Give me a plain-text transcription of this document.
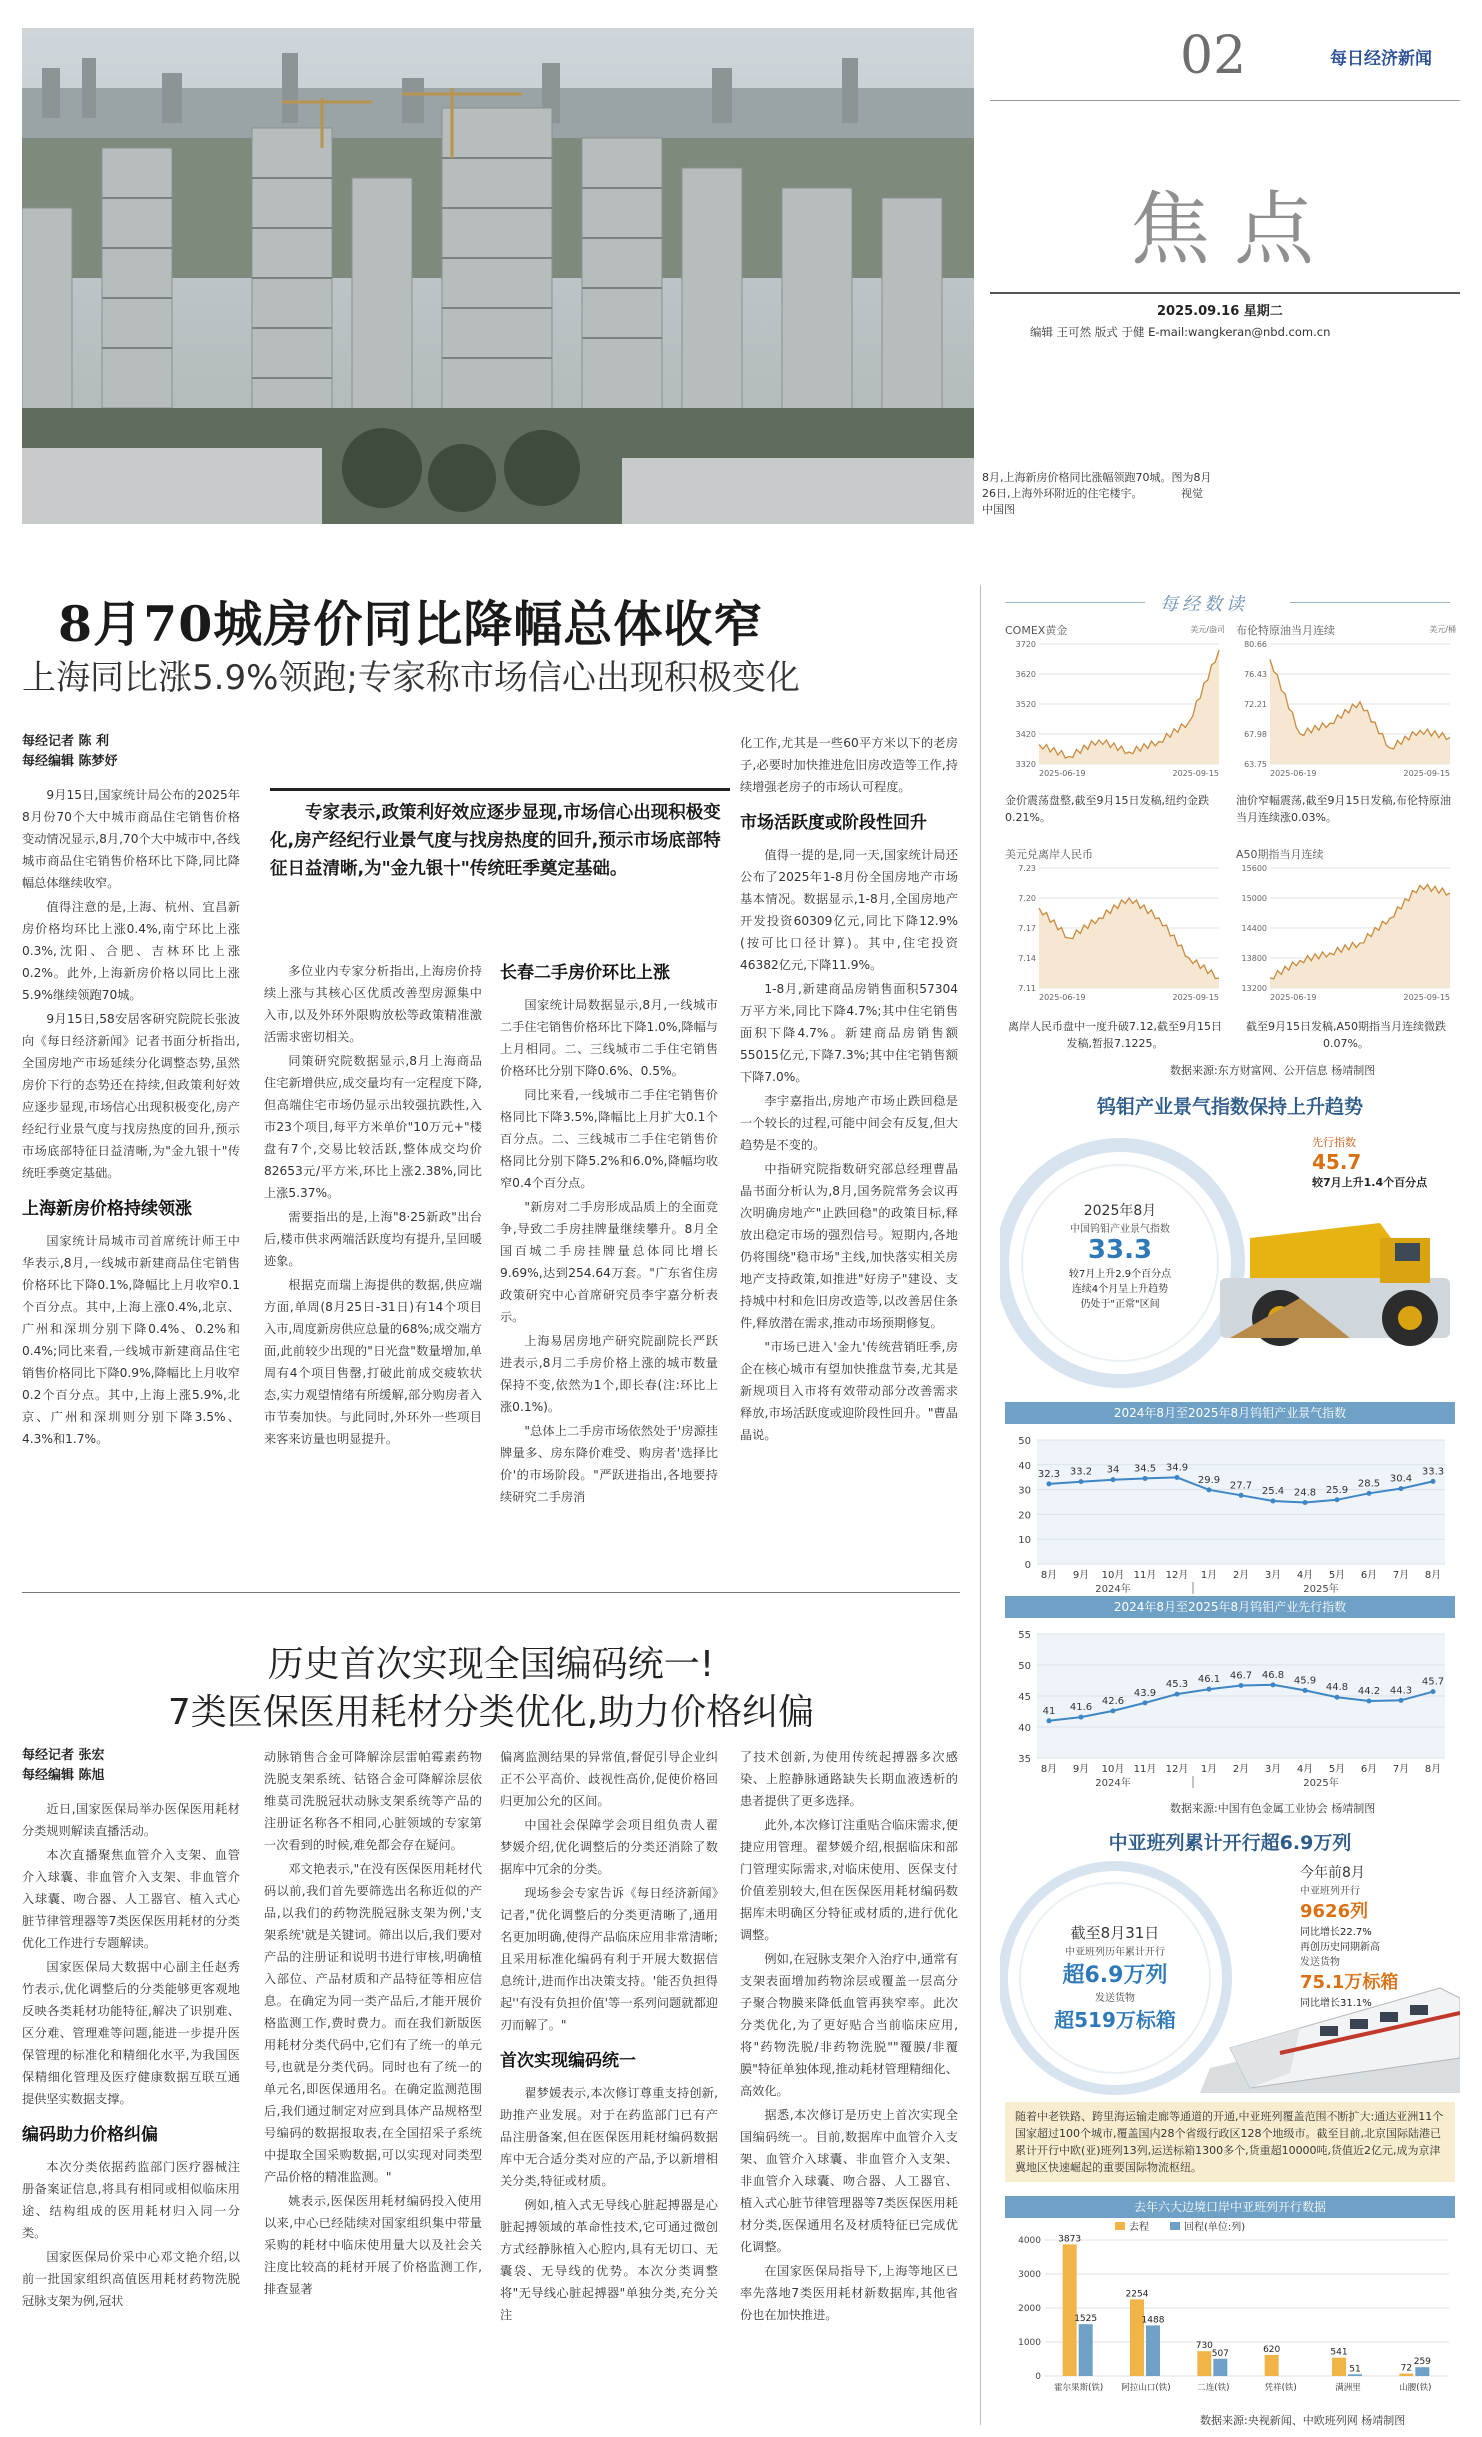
02	每日经济新闻
焦点
2025.09.16 星期二
编辑 王可然 版式 于健 E-mail:wangkeran@nbd.com.cn
8月,上海新房价格同比涨幅领跑70城。图为8月26日,上海外环附近的住宅楼宇。　　　　视觉中国图
8月70城房价同比降幅总体收窄
上海同比涨5.9%领跑;专家称市场信心出现积极变化
每经记者 陈 利
每经编辑 陈梦妤

9月15日,国家统计局公布的2025年8月份70个大中城市商品住宅销售价格变动情况显示,8月,70个大中城市中,各线城市商品住宅销售价格环比下降,同比降幅总体继续收窄。

值得注意的是,上海、杭州、宜昌新房价格均环比上涨0.4%,南宁环比上涨0.3%,沈阳、合肥、吉林环比上涨0.2%。此外,上海新房价格以同比上涨5.9%继续领跑70城。

9月15日,58安居客研究院院长张波向《每日经济新闻》记者书面分析指出,全国房地产市场延续分化调整态势,虽然房价下行的态势还在持续,但政策利好效应逐步显现,市场信心出现积极变化,房产经纪行业景气度与找房热度的回升,预示市场底部特征日益清晰,为"金九银十"传统旺季奠定基础。

上海新房价格持续领涨

国家统计局城市司首席统计师王中华表示,8月,一线城市新建商品住宅销售价格环比下降0.1%,降幅比上月收窄0.1个百分点。其中,上海上涨0.4%,北京、广州和深圳分别下降0.4%、0.2%和0.4%;同比来看,一线城市新建商品住宅销售价格同比下降0.9%,降幅比上月收窄0.2个百分点。其中,上海上涨5.9%,北京、广州和深圳则分别下降3.5%、4.3%和1.7%。

专家表示,政策利好效应逐步显现,市场信心出现积极变化,房产经纪行业景气度与找房热度的回升,预示市场底部特征日益清晰,为"金九银十"传统旺季奠定基础。

多位业内专家分析指出,上海房价持续上涨与其核心区优质改善型房源集中入市,以及外环外限购放松等政策精准激活需求密切相关。

同策研究院数据显示,8月上海商品住宅新增供应,成交量均有一定程度下降,但高端住宅市场仍显示出较强抗跌性,入市23个项目,每平方米单价"10万元+"楼盘有7个,交易比较活跃,整体成交均价82653元/平方米,环比上涨2.38%,同比上涨5.37%。

需要指出的是,上海"8·25新政"出台后,楼市供求两端活跃度均有提升,呈回暖迹象。

根据克而瑞上海提供的数据,供应端方面,单周(8月25日-31日)有14个项目入市,周度新房供应总量的68%;成交端方面,此前较少出现的"日光盘"数量增加,单周有4个项目售罄,打破此前成交疲软状态,实力观望情绪有所缓解,部分购房者入市节奏加快。与此同时,外环外一些项目来客来访量也明显提升。

长春二手房价环比上涨

国家统计局数据显示,8月,一线城市二手住宅销售价格环比下降1.0%,降幅与上月相同。二、三线城市二手住宅销售价格环比分别下降0.6%、0.5%。

同比来看,一线城市二手住宅销售价格同比下降3.5%,降幅比上月扩大0.1个百分点。二、三线城市二手住宅销售价格同比分别下降5.2%和6.0%,降幅均收窄0.4个百分点。

"新房对二手房形成品质上的全面竞争,导致二手房挂牌量继续攀升。8月全国百城二手房挂牌量总体同比增长9.69%,达到254.64万套。"广东省住房政策研究中心首席研究员李宇嘉分析表示。

上海易居房地产研究院副院长严跃进表示,8月二手房价格上涨的城市数量保持不变,依然为1个,即长春(注:环比上涨0.1%)。

"总体上二手房市场依然处于'房源挂牌量多、房东降价难受、购房者'选择比价'的市场阶段。"严跃进指出,各地要持续研究二手房消

化工作,尤其是一些60平方米以下的老房子,必要时加快推进危旧房改造等工作,持续增强老房子的市场认可程度。

市场活跃度或阶段性回升

值得一提的是,同一天,国家统计局还公布了2025年1-8月份全国房地产市场基本情况。数据显示,1-8月,全国房地产开发投资60309亿元,同比下降12.9%(按可比口径计算)。其中,住宅投资46382亿元,下降11.9%。

1-8月,新建商品房销售面积57304万平方米,同比下降4.7%;其中住宅销售面积下降4.7%。新建商品房销售额55015亿元,下降7.3%;其中住宅销售额下降7.0%。

李宇嘉指出,房地产市场止跌回稳是一个较长的过程,可能中间会有反复,但大趋势是不变的。

中指研究院指数研究部总经理曹晶晶书面分析认为,8月,国务院常务会议再次明确房地产"止跌回稳"的政策目标,释放出稳定市场的强烈信号。短期内,各地仍将围绕"稳市场"主线,加快落实相关房地产支持政策,如推进"好房子"建设、支持城中村和危旧房改造等,以改善居住条件,释放潜在需求,推动市场预期修复。

"市场已进入'金九'传统营销旺季,房企在核心城市有望加快推盘节奏,尤其是新规项目入市将有效带动部分改善需求释放,市场活跃度或迎阶段性回升。"曹晶晶说。

历史首次实现全国编码统一!
7类医保医用耗材分类优化,助力价格纠偏
每经记者 张宏
每经编辑 陈旭

近日,国家医保局举办医保医用耗材分类规则解读直播活动。

本次直播聚焦血管介入支架、血管介入球囊、非血管介入支架、非血管介入球囊、吻合器、人工器官、植入式心脏节律管理器等7类医保医用耗材的分类优化工作进行专题解读。

国家医保局大数据中心副主任赵秀竹表示,优化调整后的分类能够更客观地反映各类耗材功能特征,解决了识别难、区分难、管理难等问题,能进一步提升医保管理的标准化和精细化水平,为我国医保精细化管理及医疗健康数据互联互通提供坚实数据支撑。

编码助力价格纠偏

本次分类依据药监部门医疗器械注册备案证信息,将具有相同或相似临床用途、结构组成的医用耗材归入同一分类。

国家医保局价采中心邓文艳介绍,以前一批国家组织高值医用耗材药物洗脱冠脉支架为例,冠状

动脉销售合金可降解涂层雷帕霉素药物洗脱支架系统、钴铬合金可降解涂层依维莫司洗脱冠状动脉支架系统等产品的注册证名称各不相同,心脏领域的专家第一次看到的时候,难免都会存在疑问。

邓文艳表示,"在没有医保医用耗材代码以前,我们首先要筛选出名称近似的产品,以我们的药物洗脱冠脉支架为例,'支架系统'就是关键词。筛出以后,我们要对产品的注册证和说明书进行审核,明确植入部位、产品材质和产品特征等相应信息。在确定为同一类产品后,才能开展价格监测工作,费时费力。而在我们新版医用耗材分类代码中,它们有了统一的单元号,也就是分类代码。同时也有了统一的单元名,即医保通用名。在确定监测范围后,我们通过制定对应到具体产品规格型号编码的数据报取表,在全国招采子系统中提取全国采购数据,可以实现对同类型产品价格的精准监测。"

姚表示,医保医用耗材编码投入使用以来,中心已经陆续对国家组织集中带量采购的耗材中临床使用量大以及社会关注度比较高的耗材开展了价格监测工作,排查显著

偏离监测结果的异常值,督促引导企业纠正不公平高价、歧视性高价,促使价格回归更加公允的区间。

中国社会保障学会项目组负责人翟梦媛介绍,优化调整后的分类还消除了数据库中冗余的分类。

现场参会专家告诉《每日经济新闻》记者,"优化调整后的分类更清晰了,通用名更加明确,使得产品临床应用非常清晰;且采用标准化编码有利于开展大数据信息统计,进而作出决策支持。'能否负担得起''有没有负担价值'等一系列问题就都迎刃而解了。"

首次实现编码统一

翟梦媛表示,本次修订尊重支持创新,助推产业发展。对于在药监部门已有产品注册备案,但在医保医用耗材编码数据库中无合适分类对应的产品,予以新增相关分类,特征或材质。

例如,植入式无导线心脏起搏器是心脏起搏领域的革命性技术,它可通过微创方式经静脉植入心腔内,具有无切口、无囊袋、无导线的优势。本次分类调整将"无导线心脏起搏器"单独分类,充分关注

了技术创新,为使用传统起搏器多次感染、上腔静脉通路缺失长期血液透析的患者提供了更多选择。

此外,本次修订注重贴合临床需求,便捷应用管理。翟梦媛介绍,根据临床和部门管理实际需求,对临床使用、医保支付价值差别较大,但在医保医用耗材编码数据库未明确区分特征或材质的,进行优化调整。

例如,在冠脉支架介入治疗中,通常有支架表面增加药物涂层或覆盖一层高分子聚合物膜来降低血管再狭窄率。此次分类优化,为了更好贴合当前临床应用,将"药物洗脱/非药物洗脱""覆膜/非覆膜"特征单独体现,推动耗材管理精细化、高效化。

据悉,本次修订是历史上首次实现全国编码统一。目前,数据库中血管介入支架、血管介入球囊、非血管介入支架、非血管介入球囊、吻合器、人工器官、植入式心脏节律管理器等7类医保医用耗材分类,医保通用名及材质特征已完成优化调整。

在国家医保局指导下,上海等地区已率先落地7类医用耗材新数据库,其他省份也在加快推进。

每经数读
COMEX黄金	美元/盎司
3720
3620
3520
3420
3320
2025-06-19	2025-09-15
金价震荡盘整,截至9月15日发稿,纽约金跌0.21%。
布伦特原油当月连续	美元/桶
80.66
76.43
72.21
67.98
63.75
2025-06-19	2025-09-15
油价窄幅震荡,截至9月15日发稿,布伦特原油当月连续涨0.03%。
美元兑离岸人民币
7.23
7.20
7.17
7.14
7.11
2025-06-19	2025-09-15
离岸人民币盘中一度升破7.12,截至9月15日发稿,暂报7.1225。
A50期指当月连续
15600
15000
14400
13800
13200
2025-06-19	2025-09-15
截至9月15日发稿,A50期指当月连续微跌0.07%。
数据来源:东方财富网、公开信息 杨靖制图
钨钼产业景气指数保持上升趋势
先行指数
45.7
较7月上升1.4个百分点
2025年8月
中国钨钼产业景气指数
33.3
较7月上升2.9个百分点
连续4个月呈上升趋势
仍处于"正常"区间
2024年8月至2025年8月钨钼产业景气指数
0
10
20
30
40
50
32.3
8月
33.2
9月
34
10月
34.5
11月
34.9
12月
29.9
1月
27.7
2月
25.4
3月
24.8
4月
25.9
5月
28.5
6月
30.4
7月
33.3
8月
2024年	2025年
2024年8月至2025年8月钨钼产业先行指数
35
40
45
50
55
41
8月
41.6
9月
42.6
10月
43.9
11月
45.3
12月
46.1
1月
46.7
2月
46.8
3月
45.9
4月
44.8
5月
44.2
6月
44.3
7月
45.7
8月
2024年	2025年
数据来源:中国有色金属工业协会 杨靖制图
中亚班列累计开行超6.9万列
截至8月31日
中亚班列历年累计开行
超6.9万列
发送货物
超519万标箱
今年前8月
中亚班列开行
9626列
同比增长22.7%
再创历史同期新高
发送货物
75.1万标箱
同比增长31.1%
随着中老铁路、跨里海运输走廊等通道的开通,中亚班列覆盖范围不断扩大:通达亚洲11个国家超过100个城市,覆盖国内28个省级行政区128个地级市。截至目前,北京国际陆港已累计开行中欧(亚)班列13列,运送标箱1300多个,货重超10000吨,货值近2亿元,成为京津冀地区快速崛起的重要国际物流枢纽。
去年六大边境口岸中亚班列开行数据
0
1000
2000
3000
4000
去程	回程(单位:列)
3873
1525
霍尔果斯(铁)
2254
1488
阿拉山口(铁)
730
507
二连(铁)
620
凭祥(铁)
541
51
满洲里
72
259
山腰(铁)
数据来源:央视新闻、中欧班列网 杨靖制图
